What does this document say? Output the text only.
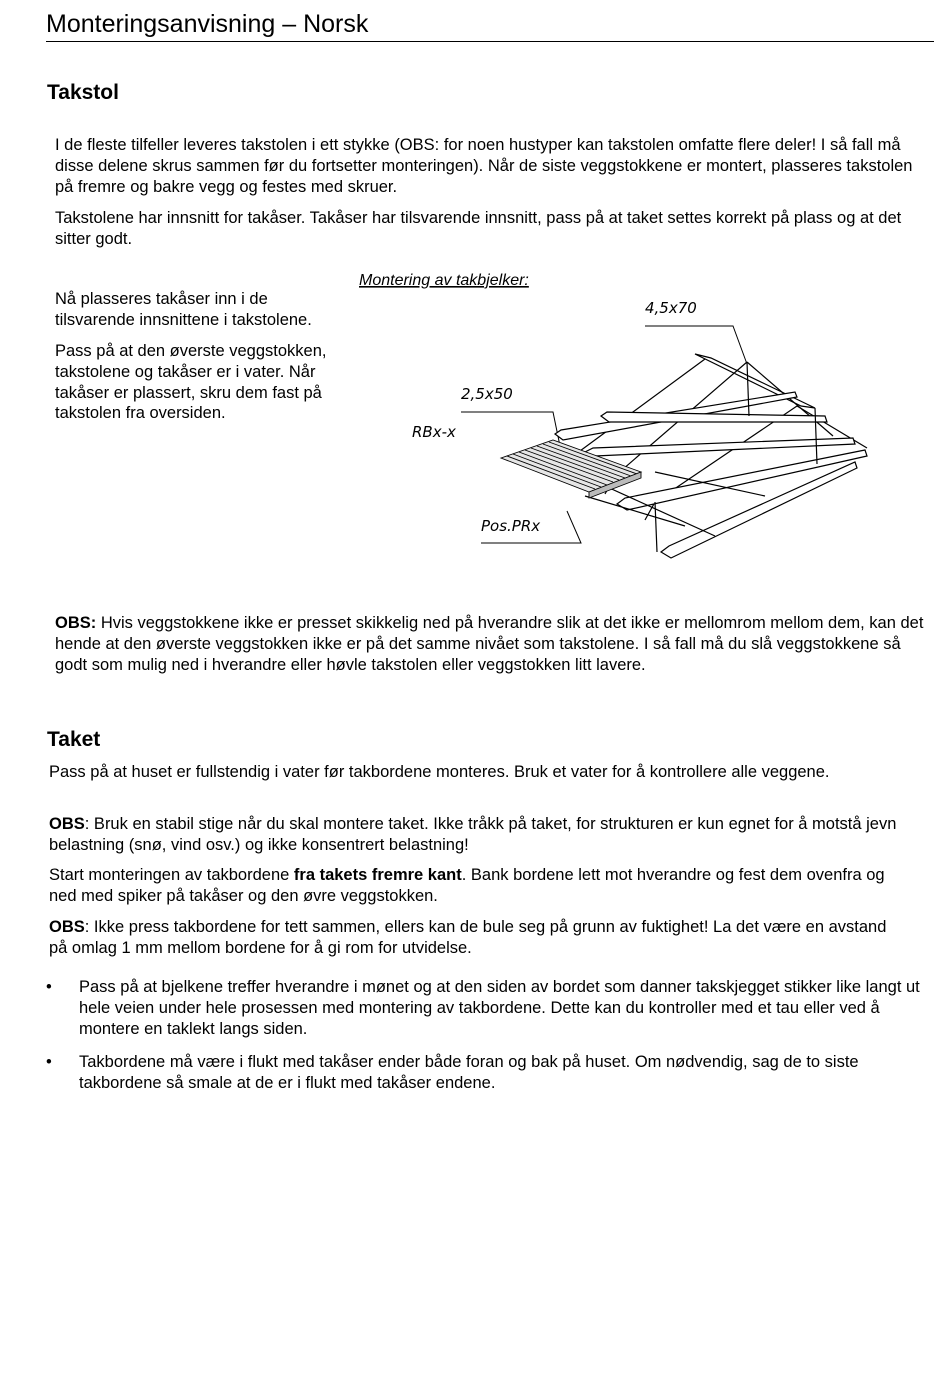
Monteringsanvisning – Norsk
Takstol
I de fleste tilfeller leveres takstolen i ett stykke (OBS: for noen hustyper kan takstolen omfatte flere deler! I så fall må disse delene skrus sammen før du fortsetter monteringen). Når de siste veggstokkene er montert, plasseres takstolen på fremre og bakre vegg og festes med skruer.
Takstolene har innsnitt for takåser. Takåser har tilsvarende innsnitt, pass på at taket settes korrekt på plass og at det sitter godt.
Nå plasseres takåser inn i de tilsvarende innsnittene i takstolene.
Pass på at den øverste veggstokken, takstolene og takåser er i vater. Når takåser er plassert, skru dem fast på takstolen fra oversiden.
Montering av takbjelker:
4,5x70
2,5x50
RBx-x
Pos.PRx
OBS: Hvis veggstokkene ikke er presset skikkelig ned på hverandre slik at det ikke er mellomrom mellom dem, kan det hende at den øverste veggstokken ikke er på det samme nivået som takstolene. I så fall må du slå veggstokkene så godt som mulig ned i hverandre eller høvle takstolen eller veggstokken litt lavere.
Taket
Pass på at huset er fullstendig i vater før takbordene monteres. Bruk et vater for å kontrollere alle veggene.
OBS: Bruk en stabil stige når du skal montere taket. Ikke tråkk på taket, for strukturen er kun egnet for å motstå jevn belastning (snø, vind osv.) og ikke konsentrert belastning!
Start monteringen av takbordene fra takets fremre kant. Bank bordene lett mot hverandre og fest dem ovenfra og ned med spiker på takåser og den øvre veggstokken.
OBS: Ikke press takbordene for tett sammen, ellers kan de bule seg på grunn av fuktighet! La det være en avstand på omlag 1 mm mellom bordene for å gi rom for utvidelse.
• Pass på at bjelkene treffer hverandre i mønet og at den siden av bordet som danner takskjegget stikker like langt ut hele veien under hele prosessen med montering av takbordene. Dette kan du kontroller med et tau eller ved å montere en taklekt langs siden.
• Takbordene må være i flukt med takåser ender både foran og bak på huset. Om nødvendig, sag de to siste takbordene så smale at de er i flukt med takåser endene.
